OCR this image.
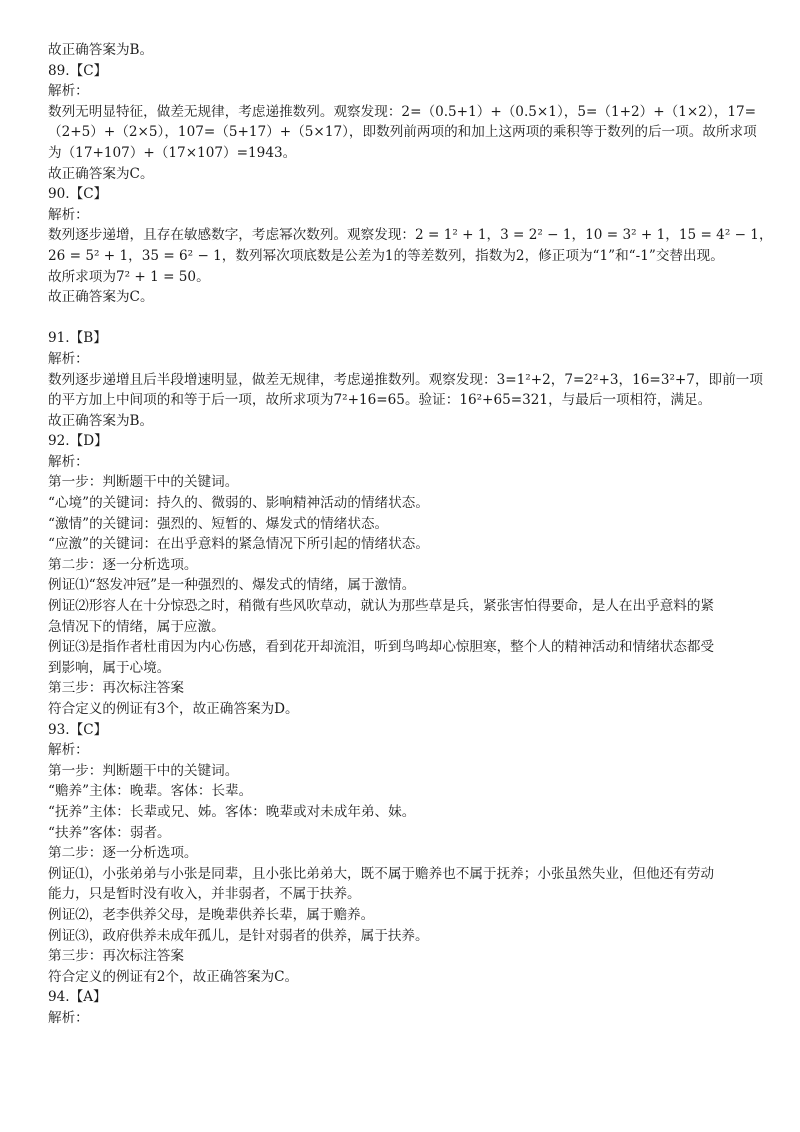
故正确答案为B。
89.【C】
解析：
数列无明显特征，做差无规律，考虑递推数列。观察发现：2=（0.5+1）+（0.5×1），5=（1+2）+（1×2），17=
（2+5）+（2×5），107=（5+17）+（5×17），即数列前两项的和加上这两项的乘积等于数列的后一项。故所求项
为（17+107）+（17×107）=1943。
故正确答案为C。
90.【C】
解析：
数列逐步递增，且存在敏感数字，考虑幂次数列。观察发现：2 = 1² + 1，3 = 2² − 1，10 = 3² + 1，15 = 4² − 1，
26 = 5² + 1，35 = 6² − 1，数列幂次项底数是公差为1的等差数列，指数为2，修正项为“1”和“-1”交替出现。
故所求项为7² + 1 = 50。
故正确答案为C。
91.【B】
解析：
数列逐步递增且后半段增速明显，做差无规律，考虑递推数列。观察发现：3=1²+2，7=2²+3，16=3²+7，即前一项
的平方加上中间项的和等于后一项，故所求项为7²+16=65。验证：16²+65=321，与最后一项相符，满足。
故正确答案为B。
92.【D】
解析：
第一步：判断题干中的关键词。
“心境”的关键词：持久的、微弱的、影响精神活动的情绪状态。
“激情”的关键词：强烈的、短暂的、爆发式的情绪状态。
“应激”的关键词：在出乎意料的紧急情况下所引起的情绪状态。
第二步：逐一分析选项。
例证⑴“怒发冲冠”是一种强烈的、爆发式的情绪，属于激情。
例证⑵形容人在十分惊恐之时，稍微有些风吹草动，就认为那些草是兵，紧张害怕得要命，是人在出乎意料的紧
急情况下的情绪，属于应激。
例证⑶是指作者杜甫因为内心伤感，看到花开却流泪，听到鸟鸣却心惊胆寒，整个人的精神活动和情绪状态都受
到影响，属于心境。
第三步：再次标注答案
符合定义的例证有3个，故正确答案为D。
93.【C】
解析：
第一步：判断题干中的关键词。
“赡养”主体：晚辈。客体：长辈。
“抚养”主体：长辈或兄、姊。客体：晚辈或对未成年弟、妹。
“扶养”客体：弱者。
第二步：逐一分析选项。
例证⑴，小张弟弟与小张是同辈，且小张比弟弟大，既不属于赡养也不属于抚养；小张虽然失业，但他还有劳动
能力，只是暂时没有收入，并非弱者，不属于扶养。
例证⑵，老李供养父母，是晚辈供养长辈，属于赡养。
例证⑶，政府供养未成年孤儿，是针对弱者的供养，属于扶养。
第三步：再次标注答案
符合定义的例证有2个，故正确答案为C。
94.【A】
解析：
